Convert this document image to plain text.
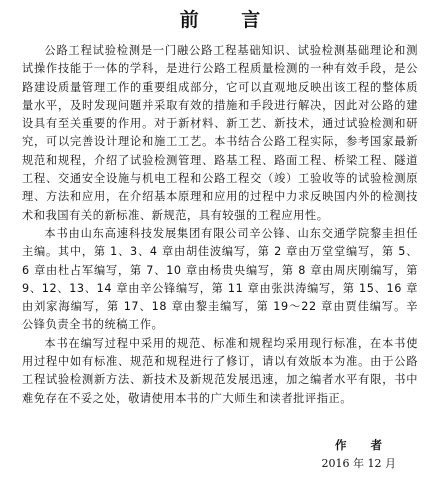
前 言

公路工程试验检测是一门融公路工程基础知识、试验检测基础理论和测试操作技能于一体的学科，是进行公路工程质量检测的一种有效手段，是公路建设质量管理工作的重要组成部分，它可以直观地反映出该工程的整体质量水平，及时发现问题并采取有效的措施和手段进行解决，因此对公路的建设具有至关重要的作用。对于新材料、新工艺、新技术，通过试验检测和研究，可以完善设计理论和施工工艺。本书结合公路工程实际，参考国家最新规范和规程，介绍了试验检测管理、路基工程、路面工程、桥梁工程、隧道工程、交通安全设施与机电工程和公路工程交（竣）工验收等的试验检测原理、方法和应用，在介绍基本原理和应用的过程中力求反映国内外的检测技术和我国有关的新标准、新规范，具有较强的工程应用性。

本书由山东高速科技发展集团有限公司辛公锋、山东交通学院黎圭担任主编。其中，第 1、3、4 章由胡佳波编写，第 2 章由万堂堂编写，第 5、6 章由杜占军编写，第 7、10 章由杨贵央编写，第 8 章由周庆刚编写，第 9、12、13、14 章由辛公锋编写，第 11 章由张洪涛编写，第 15、16 章由刘家海编写，第 17、18 章由黎圭编写，第 19～22 章由贾佳编写。辛公锋负责全书的统稿工作。

本书在编写过程中采用的规范、标准和规程均采用现行标准，在本书使用过程中如有标准、规范和规程进行了修订，请以有效版本为准。由于公路工程试验检测新方法、新技术及新规范发展迅速，加之编者水平有限，书中难免存在不妥之处，敬请使用本书的广大师生和读者批评指正。

作 者
2016 年 12 月
